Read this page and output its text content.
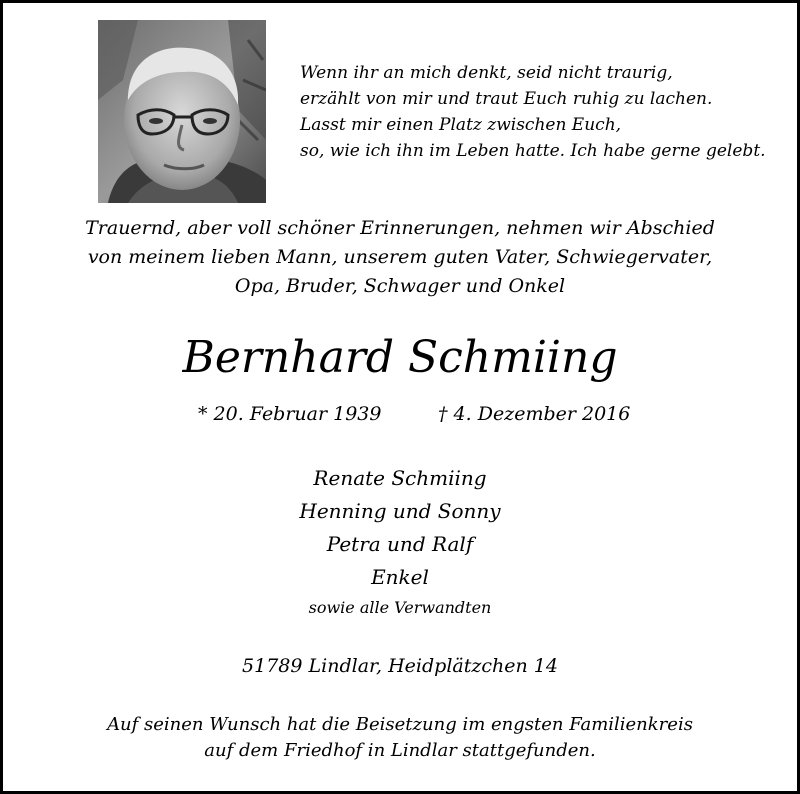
Wenn ihr an mich denkt, seid nicht traurig,
erzählt von mir und traut Euch ruhig zu lachen.
Lasst mir einen Platz zwischen Euch,
so, wie ich ihn im Leben hatte. Ich habe gerne gelebt.
Trauernd, aber voll schöner Erinnerungen, nehmen wir Abschied
von meinem lieben Mann, unserem guten Vater, Schwiegervater,
Opa, Bruder, Schwager und Onkel
Bernhard Schmiing
* 20. Februar 1939	† 4. Dezember 2016
Renate Schmiing
Henning und Sonny
Petra und Ralf
Enkel
sowie alle Verwandten
51789 Lindlar, Heidplätzchen 14
Auf seinen Wunsch hat die Beisetzung im engsten Familienkreis
auf dem Friedhof in Lindlar stattgefunden.
